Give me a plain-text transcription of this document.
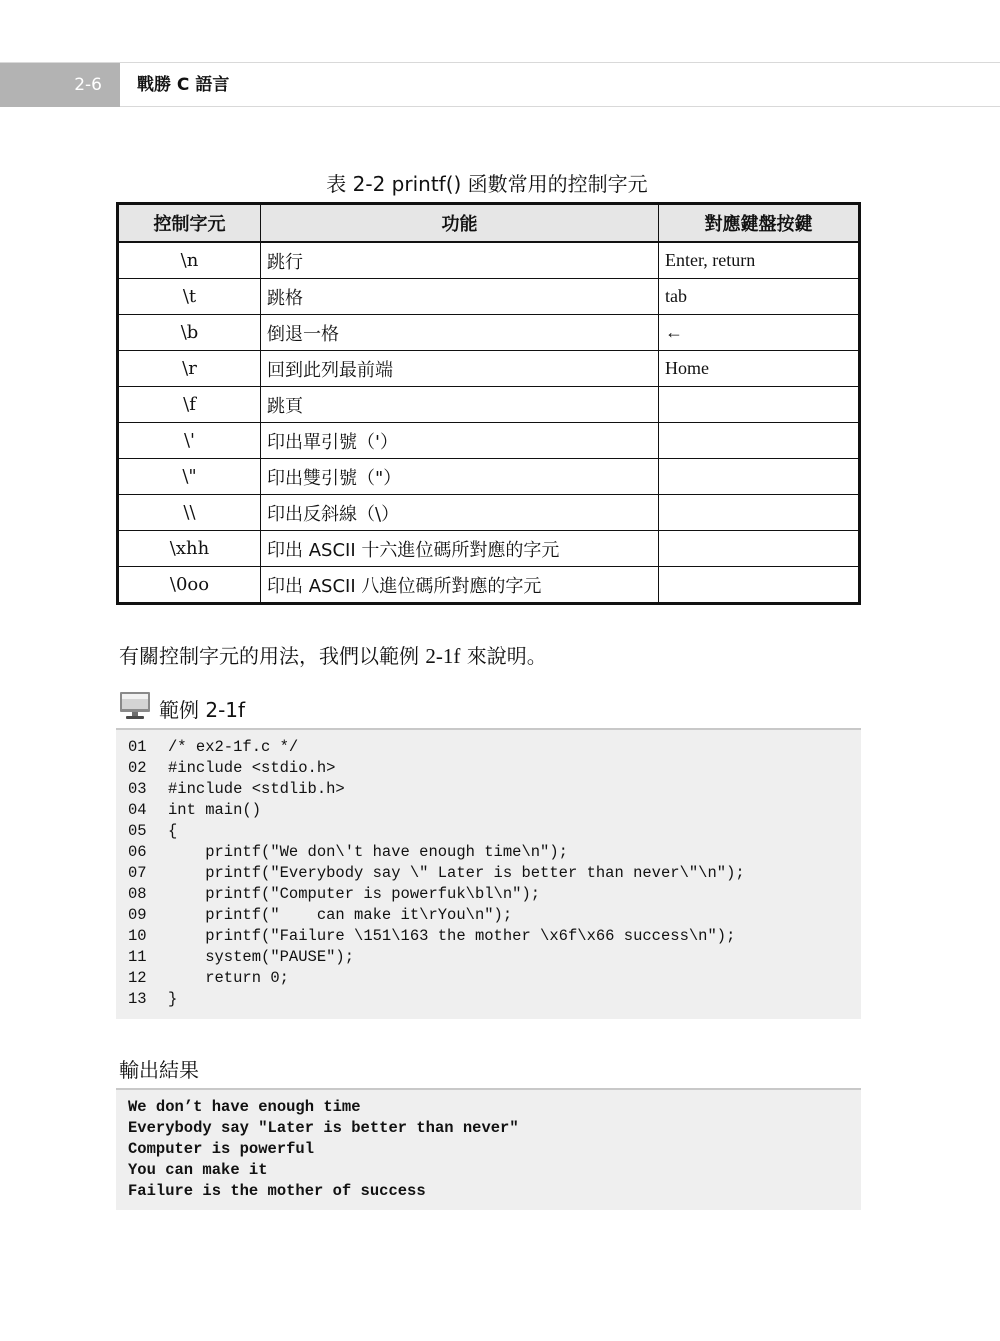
2-6	戰勝 C 語言
表 2-2 printf() 函數常用的控制字元
控制字元	功能	對應鍵盤按鍵
\n	跳行	Enter, return
\t	跳格	tab
\b	倒退一格	←
\r	回到此列最前端	Home
\f	跳頁	
\'	印出單引號（'）	
\"	印出雙引號（"）	
\\	印出反斜線（\）	
\xhh	印出 ASCII 十六進位碼所對應的字元	
\0oo	印出 ASCII 八進位碼所對應的字元	
有關控制字元的用法，我們以範例 2-1f 來說明。
範例 2-1f
01 /* ex2-1f.c */
02 #include <stdio.h>
03 #include <stdlib.h>
04 int main()
05 {
06    printf("We don\'t have enough time\n");
07    printf("Everybody say \" Later is better than never\"\n");
08    printf("Computer is powerfuk\bl\n");
09    printf("    can make it\rYou\n");
10    printf("Failure \151\163 the mother \x6f\x66 success\n");
11    system("PAUSE");
12    return 0;
13 }
輸出結果
We don’t have enough time
Everybody say "Later is better than never"
Computer is powerful
You can make it
Failure is the mother of success
